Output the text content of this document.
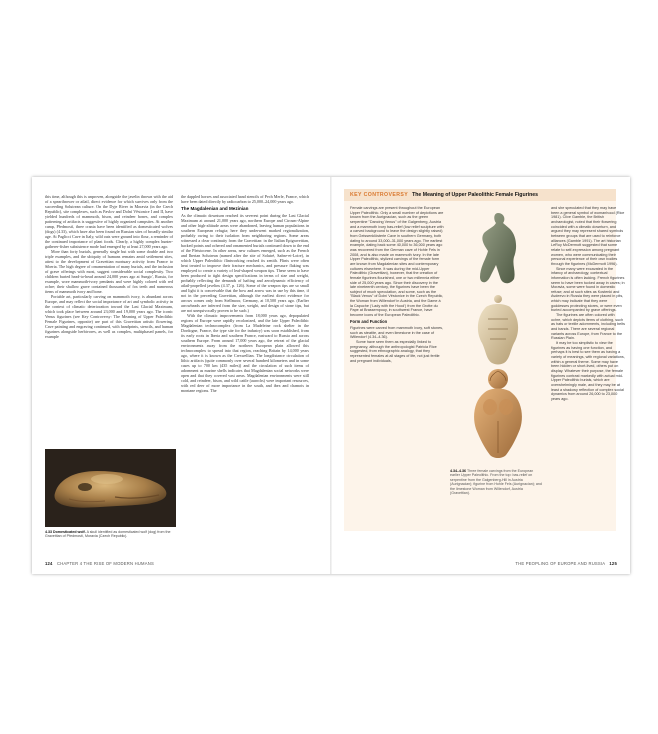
this time, although this is unproven, alongside the javelin thrown with the aid of a spearthrower or atlatl, direct evidence for which survives only from the succeeding Solutrean culture. On the Dyje River in Moravia (in the Czech Republic), site complexes, such as Pavlov and Dolní Věstonice I and II, have yielded hundreds of mammoth, bison, and reindeer bones, and complex patterning of artifacts is suggestive of highly organized campsites. At another camp, Předmostí, three crania have been identified as domesticated wolves (dogs) (4.33), which have also been found on Russian sites of broadly similar age. At Paglicci Cave in Italy, wild oats were ground into flour, a reminder of the continued importance of plant foods. Clearly, a highly complex hunter-gatherer-fisher subsistence mode had emerged by at least 27,000 years ago.

More than forty burials, generally single but with some double and two triple examples, and the ubiquity of humans remains amid settlement sites, attest to the development of Gravettian mortuary activity from France to Siberia. The high degree of ornamentation of many burials, and the inclusion of grave offerings with most, suggest considerable social complexity. Two children buried head-to-head around 24,000 years ago at Sungir', Russia, for example, wore mammoth-ivory pendants and were highly colored with red ochre; their shallow grave contained thousands of fox teeth and numerous items of mammoth ivory and bone.

Portable art, particularly carving on mammoth ivory, is abundant across Europe, and may reflect the social importance of art and symbolic activity in the context of climatic deterioration toward the Last Glacial Maximum, which took place between around 23,000 and 19,000 years ago. The iconic Venus figurines (see Key Controversy: The Meaning of Upper Paleolithic Female Figurines, opposite) are part of this Gravettian artistic flowering. Cave painting and engraving continued, with handprints, stencils, and human figurines alongside herbivores, as well as complex, multiphased panels, for example

4.33 Domesticated wolf. A skull identified as domesticated wolf (dog) from the Gravettian of Předmostí, Moravia (Czech Republic).

the dappled horses and associated hand stencils of Pech Merle, France, which have been dated directly by radiocarbon to 25,000–24,000 years ago.

The Magdalenian and Mezinian

As the climatic downturn reached its severest point during the Last Glacial Maximum at around 21,000 years ago, northern Europe and Circum-Alpine and other high-altitude areas were abandoned, leaving human populations in southern European refugia; here they underwent marked regionalization, probably owing to their isolation from neighboring regions. Some areas witnessed a clear continuity from the Gravettian: in the Italian Epigravettian, backed points and ochered and ornamented burials continued down to the end of the Pleistocene. In other areas, new cultures emerged, such as the French and Iberian Solutrean (named after the site of Solutré, Saône-et-Loire), in which Upper Paleolithic flintworking reached its zenith. Flints were often heat treated to improve their fracture mechanics, and pressure flaking was employed to create a variety of leaf-shaped weapon tips. These seem to have been produced to tight design specifications in terms of size and weight, probably reflecting the demands of hafting and aerodynamic efficiency of atlatl-propelled javelins (4.37, p. 126). Some of the weapon tips are so small and light it is conceivable that the bow and arrow was in use by this time, if not in the preceding Gravettian, although the earliest direct evidence for arrows comes only from Stellmoor, Germany, at 10,500 years ago. (Earlier arrowheads are inferred from the size, weight, and design of stone tips, but are not unequivocally proven to be such.)

With the climatic improvements from 18,000 years ago, depopulated regions of Europe were rapidly recolonized, and the late Upper Paleolithic Magdalenian technocomplex (from La Madeleine rock shelter in the Dordogne, France, the type site for the industry) was soon established, from its early roots in Iberia and southern France, eastward to Russia and across southern Europe. From around 17,000 years ago, the retreat of the glacial environments away from the northern European plain allowed this technocomplex to spread into that region, reaching Britain by 14,000 years ago, where it is known as the Creswellian. The longdistance circulation of lithic artifacts (quite commonly over several hundred kilometers and in some cases up to 700 km (435 miles)) and the circulation of such items of adornment as marine shells indicates that Magdalenian social networks were open and that they covered vast areas. Magdalenian environments were still cold, and reindeer, bison, and wild cattle (aurochs) were important resources, with red deer of more importance in the south, and ibex and chamois in montane regions. The

124 CHAPTER 4 THE RISE OF MODERN HUMANS
KEY CONTROVERSY The Meaning of Upper Paleolithic Female Figurines

Female carvings are present throughout the European Upper Paleolithic. Only a small number of depictions are known from the Aurignacian, such as the green serpentine "Dancing Venus" of the Galgenberg, Austria and a mammoth ivory bas-relief (low relief sculpture with a carved background to leave the design slightly raised) from Geissenklösterle Cave in southern Germany, both dating to around 33,000–31,000 years ago. The earliest example, dating back some 40,000 to 36,000 years ago was recovered from the German cave of Hohle Fels in 2008, and is also made on mammoth ivory. In the late Upper Paleolithic, stylized carvings of the female form are known from Magdalenian sites and contemporary cultures elsewhere. It was during the mid-Upper Paleolithic (Gravettian), however, that the creation of female figurines flourished, one or two millennia either side of 25,000 years ago. Since their discovery in the late nineteenth century, the figurines have been the subject of much speculation, and some, such as the "Black Venus" of Dolní Věstonice in the Czech Republic, the Woman from Willendorf in Austria, and the Dame à la Capuche (‘Lady with the Hood’) from the Grotte du Pape at Brassempouy, in southwest France, have become icons of the European Paleolithic.

Form and Function

Figurines were carved from mammoth ivory, soft stones, such as steatite, and even limestone in the case of Willendorf (4.34–4.36).

Some have seen them as especially linked to pregnancy, although the anthropologist Patricia Rice suggested, from ethnographic analogy, that they represented females at all stages of life, not just fertile and pregnant individuals,

4.34–4.36 Three female carvings from the European earlier Upper Paleolithic. From the top: bas-relief on serpentine from the Galgenberg-Hill in Austria (Aurignacian); figurine from Hohle Fels (Aurignacian); and the limestone Woman from Willendorf, Austria (Gravettian).

and she speculated that they may have been a general symbol of womanhood (Rice 1981). Clive Gamble, the British archaeologist, noted that their flowering coincided with a climatic downturn, and argued they may represent shared symbols between groups that are used to reinforce alliances (Gamble 1991). The art historian LeRoy McDermott suggested that some relate to self-expression among pregnant women, who were communicating their personal experience of their own bodies through the figurines (McDermott 1996).

Since many were excavated in the infancy of archaeology, contextual information is often lacking. French figurines seem to have been tucked away in caves; in Moravia, some were found in domestic refuse; and at such sites as Kostenki and Avdeevo in Russia they were placed in pits, which may indicate that they were goddesses protecting stores, or were even buried accompanied by grave offerings.

The figurines are often colored with ochre, which depicts items of clothing, such as hats or textile adornments, including belts and bands. There are several regional variants across Europe, from France to the Russian Plain.

It may be too simplistic to view the figurines as having one function, and perhaps it is best to see them as having a variety of meanings, with regional variations, within a general theme. Some may have been hidden or short-lived, others put on display. Whatever their purpose, the female figurines contrast markedly with actual mid-Upper Paleolithic burials, which are overwhelmingly male, and they may be at least a shadowy reflection of complex social dynamics from around 26,000 to 23,000 years ago.

THE PEOPLING OF EUROPE AND RUSSIA 125
